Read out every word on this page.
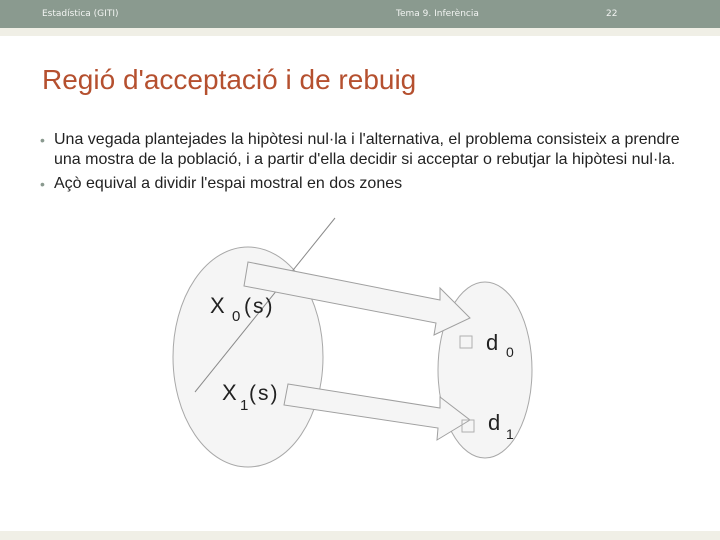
Estadística (GITI)	Tema 9. Inferència	22
Regió d'acceptació i de rebuig
• Una vegada plantejades la hipòtesi nul·la i l'alternativa, el problema consisteix a prendre una mostra de la població, i a partir d'ella decidir si acceptar o rebutjar la hipòtesi nul·la.
• Açò equival a dividir l'espai mostral en dos zones
X 0 (s)
X
1
(s)
d 0
d 1
